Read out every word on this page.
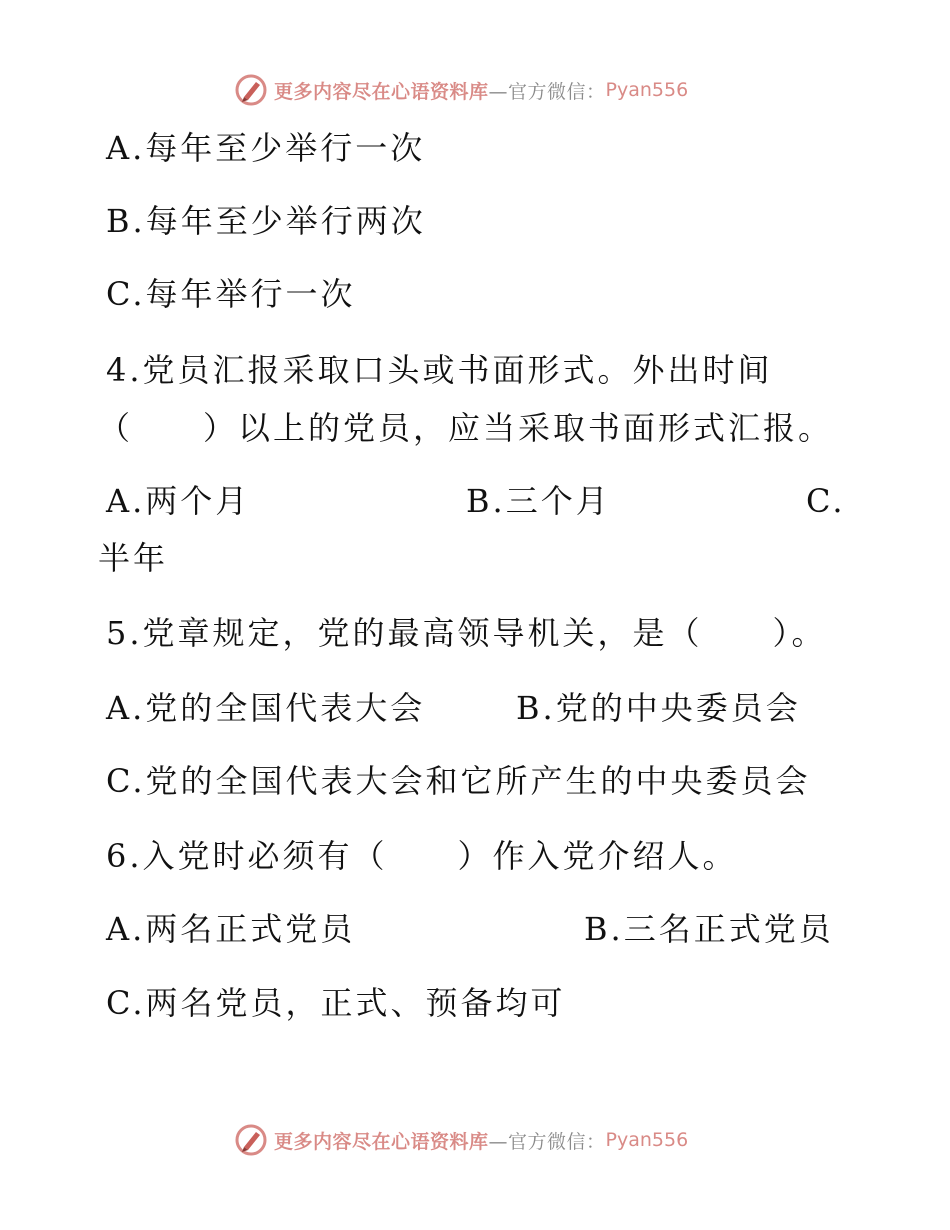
更多内容尽在心语资料库 —官方微信： Pyan556
A.每年至少举行一次
B.每年至少举行两次
C.每年举行一次
4.党员汇报采取口头或书面形式。外出时间
（　　）以上的党员，应当采取书面形式汇报。
A.两个月	B.三个月	C.
半年
5.党章规定，党的最高领导机关，是（　　）。
A.党的全国代表大会	B.党的中央委员会
C.党的全国代表大会和它所产生的中央委员会
6.入党时必须有（　　）作入党介绍人。
A.两名正式党员	B.三名正式党员
C.两名党员，正式、预备均可
更多内容尽在心语资料库 —官方微信： Pyan556
